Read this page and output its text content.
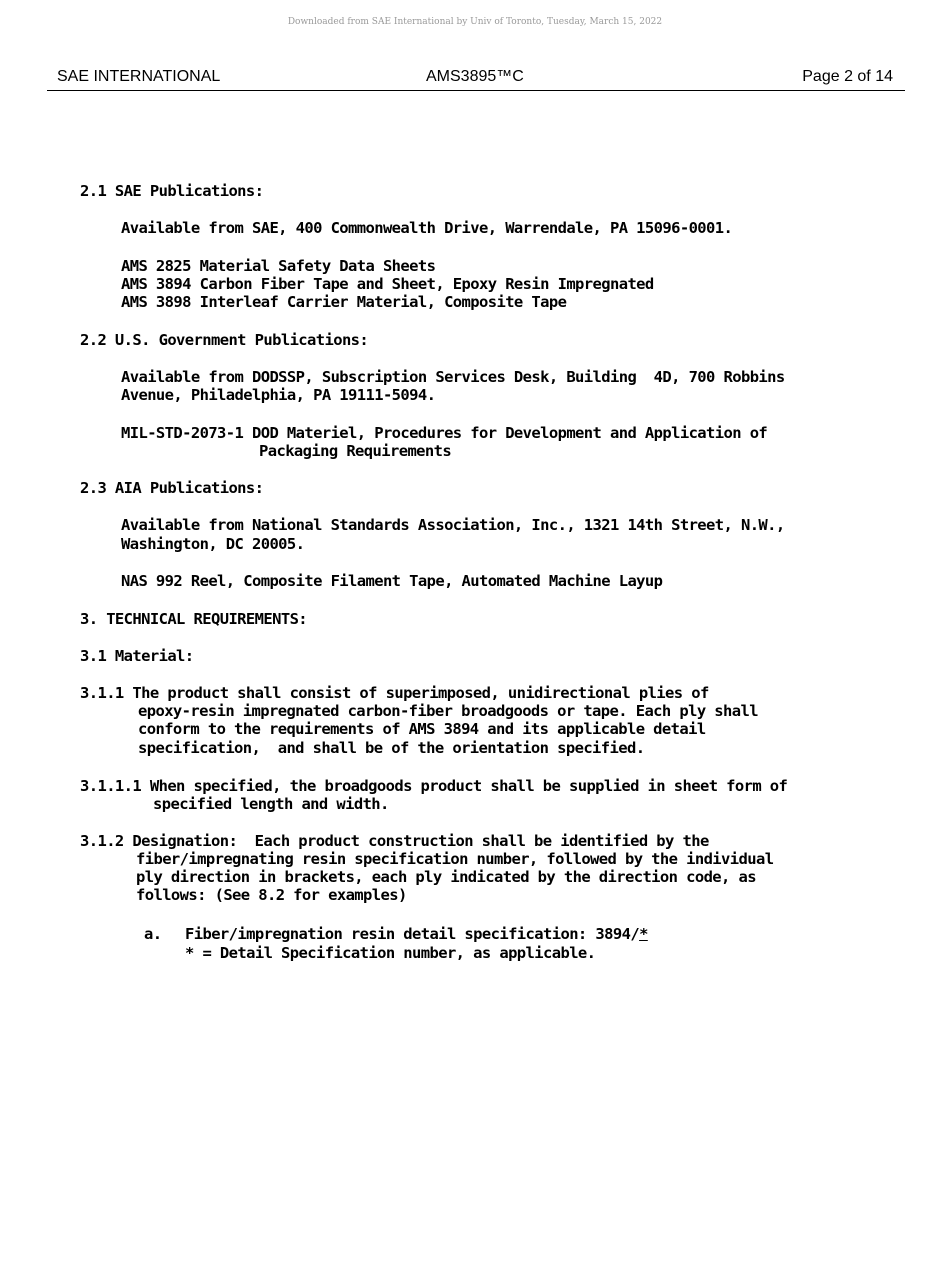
Downloaded from SAE International by Univ of Toronto, Tuesday, March 15, 2022
SAE INTERNATIONAL	AMS3895™C	Page 2 of 14

2.1 SAE Publications:

Available from SAE, 400 Commonwealth Drive, Warrendale, PA 15096-0001.

AMS 2825 Material Safety Data Sheets

AMS 3894 Carbon Fiber Tape and Sheet, Epoxy Resin Impregnated

AMS 3898 Interleaf Carrier Material, Composite Tape

2.2 U.S. Government Publications:

Available from DODSSP, Subscription Services Desk, Building  4D, 700 Robbins

Avenue, Philadelphia, PA 19111-5094.

MIL-STD-2073-1 DOD Materiel, Procedures for Development and Application of

Packaging Requirements

2.3 AIA Publications:

Available from National Standards Association, Inc., 1321 14th Street, N.W.,

Washington, DC 20005.

NAS 992 Reel, Composite Filament Tape, Automated Machine Layup

3. TECHNICAL REQUIREMENTS:

3.1 Material:

3.1.1 The product shall consist of superimposed, unidirectional plies of

epoxy-resin impregnated carbon-fiber broadgoods or tape. Each ply shall

conform to the requirements of AMS 3894 and its applicable detail

specification,  and shall be of the orientation specified.

3.1.1.1 When specified, the broadgoods product shall be supplied in sheet form of

specified length and width.

3.1.2 Designation:  Each product construction shall be identified by the

fiber/impregnating resin specification number, followed by the individual

ply direction in brackets, each ply indicated by the direction code, as

follows: (See 8.2 for examples)

a.

Fiber/impregnation resin detail specification: 3894/*

* = Detail Specification number, as applicable.
